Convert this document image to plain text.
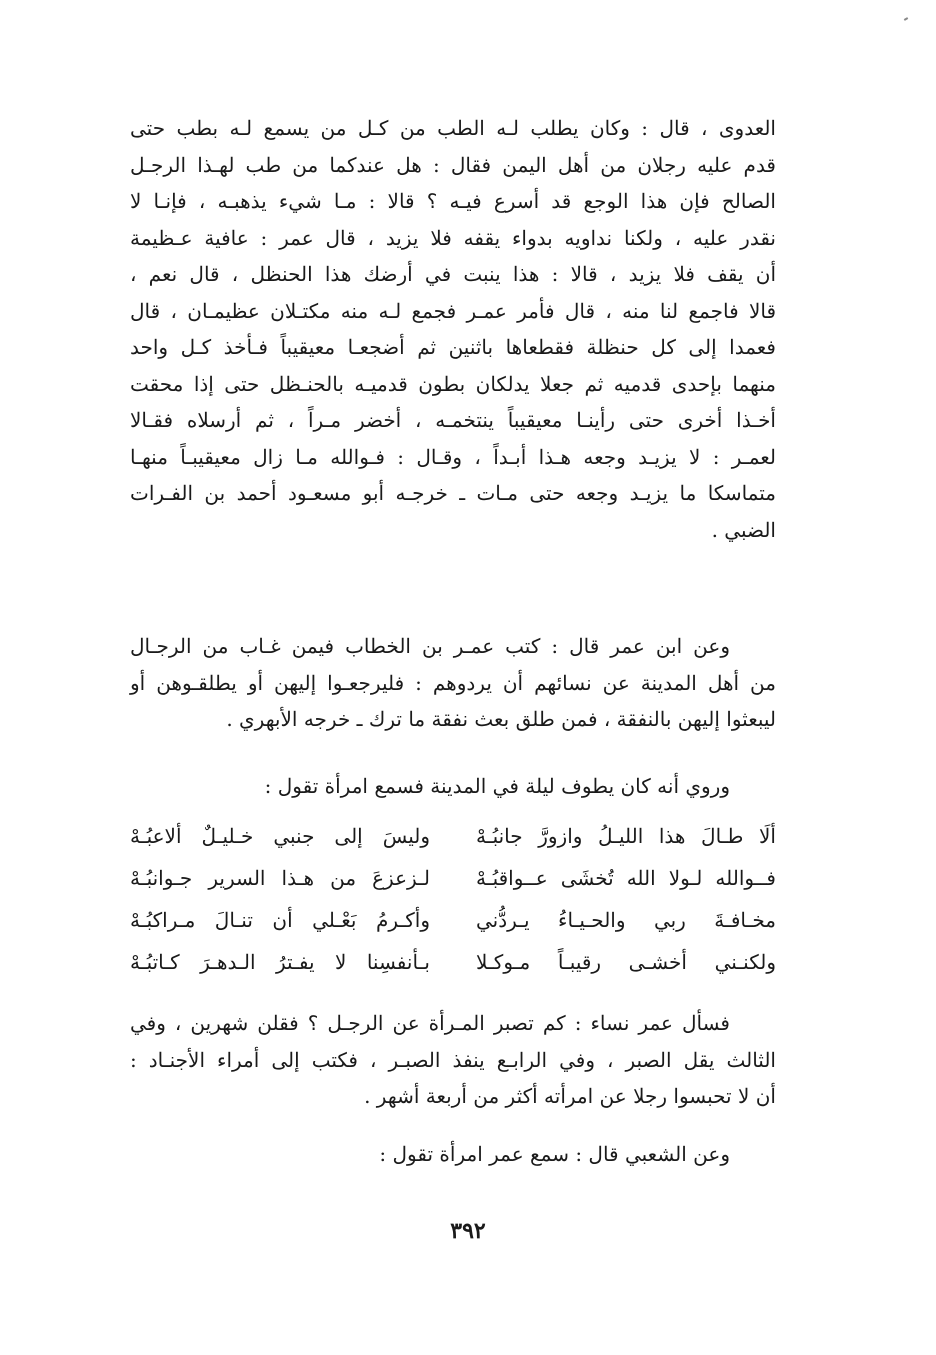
العدوى ، قال : وكان يطلب لـه الطب من كـل من يسمع لـه بطب حتى
قدم عليه رجلان من أهل اليمن فقال : هل عندكما من طب لهـذا الرجـل
الصالح فإن هذا الوجع قد أسرع فيـه ؟ قالا : مـا شيء يذهبـه ، فإنـا لا
نقدر عليه ، ولكنا نداويه بدواء يقفه فلا يزيد ، قال عمر : عافية عـظيمة
أن يقف فلا يزيد ، قالا : هذا ينبت في أرضك هذا الحنظل ، قال نعم ،
قالا فاجمع لنا منه ، قال فأمر عمـر فجمع لـه منه مكتـلان عظيمـان ، قال
فعمدا إلى كل حنظلة فقطعاها باثنين ثم أضجعـا معيقيباً فـأخذ كـل واحد
منهما بإحدى قدميه ثم جعلا يدلكان بطون قدميـه بالحنـظل حتى إذا محقت
أخـذا أخرى حتى رأينـا معيقيباً ينتخمـه ، أخضر مـراً ، ثم أرسلاه فقـالا
لعمـر : لا يزيـد وجعه هـذا أبـداً ، وقـال : فـوالله مـا زال معيقيبـاً منهـا
متماسكا ما يزيـد وجعه حتى مـات ـ خرجـه أبو مسعـود أحمد بن الفـرات
الضبي .
وعن ابن عمر قال : كتب عمـر بن الخطاب فيمن غـاب من الرجـال
من أهل المدينة عن نسائهم أن يردوهم : فليرجعـوا إليهن أو يطلقـوهن أو
ليبعثوا إليهن بالنفقة ، فمن طلق بعث نفقة ما ترك ـ خرجه الأبهري .
وروي أنه كان يطوف ليلة في المدينة فسمع امرأة تقول :
ألَا طـالَ هذا الليـلُ وازورَّ جانبُـهْ
وليسَ إلى جنبي خـليـلٌ ألاعبُـهْ
فــوالله لـولا الله تُخشَى عــواقبُـهْ
لـزعزعَ من هـذا السرير جـوانبُـهْ
مخـافـةَ ربي والحـيـاءُ يـردُّني
وأكـرمُ بَعْـلي أن تنـالَ مـراكبُـهْ
ولكنـني أخشـى رقيبـاً مـوكـلا
بـأنفسِنا لا يفـترُ الـدهـرَ كـاتبُـهْ
فسأل عمر نساء : كم تصبر المـرأة عن الرجـل ؟ فقلن شهرين ، وفي
الثالث يقل الصبر ، وفي الرابـع ينفذ الصبـر ، فكتب إلى أمراء الأجنـاد :
أن لا تحبسوا رجلا عن امرأته أكثر من أربعة أشهر .
وعن الشعبي قال : سمع عمر امرأة تقول :
٣٩٢
